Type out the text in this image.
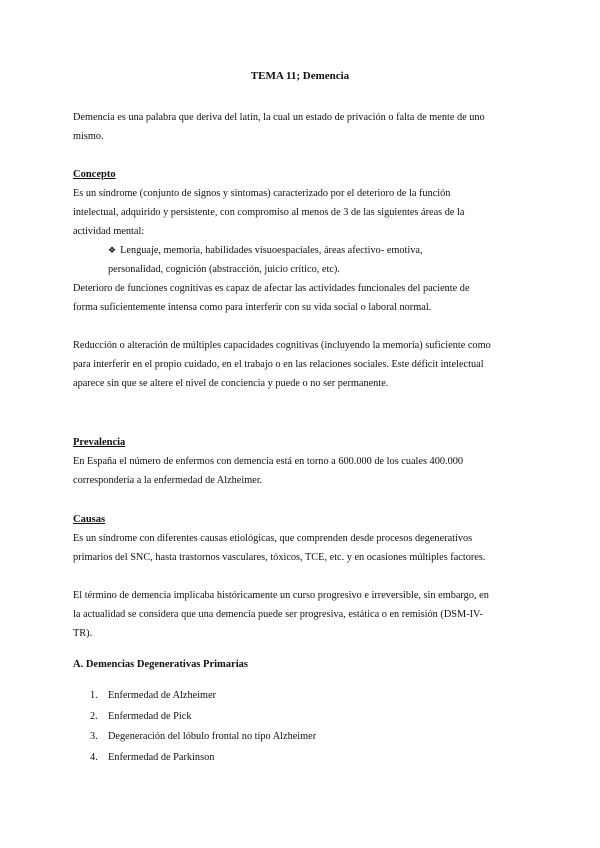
TEMA 11; Demencia

Demencia es una palabra que deriva del latín, la cual un estado de privación o falta de mente de uno mismo.

Concepto

Es un síndrome (conjunto de signos y síntomas) caracterizado por el deterioro de la función intelectual, adquirido y persistente, con compromiso al menos de 3 de las siguientes áreas de la actividad mental:

❖ Lenguaje, memoria, habilidades visuoespaciales, áreas afectivo- emotiva,
personalidad, cognición (abstracción, juicio crítico, etc).

Deterioro de funciones cognitivas es capaz de afectar las actividades funcionales del paciente de forma suficientemente intensa como para interferir con su vida social o laboral normal.

Reducción o alteración de múltiples capacidades cognitivas (incluyendo la memoria) suficiente como para interferir en el propio cuidado, en el trabajo o en las relaciones sociales. Este déficit intelectual aparece sin que se altere el nivel de conciencia y puede o no ser permanente.

Prevalencia

En España el número de enfermos con demencia está en torno a 600.000 de los cuales 400.000 correspondería a la enfermedad de Alzheimer.

Causas

Es un síndrome con diferentes causas etiológicas, que comprenden desde procesos degenerativos primarios del SNC, hasta trastornos vasculares, tóxicos, TCE, etc. y en ocasiones múltiples factores.

El término de demencia implicaba históricamente un curso progresivo e irreversible, sin embargo, en la actualidad se considera que una demencia puede ser progresiva, estática o en remisión (DSM-IV-TR).

A. Demencias Degenerativas Primarias
1. Enfermedad de Alzheimer
2. Enfermedad de Pick
3. Degeneración del lóbulo frontal no tipo Alzheimer
4. Enfermedad de Parkinson
